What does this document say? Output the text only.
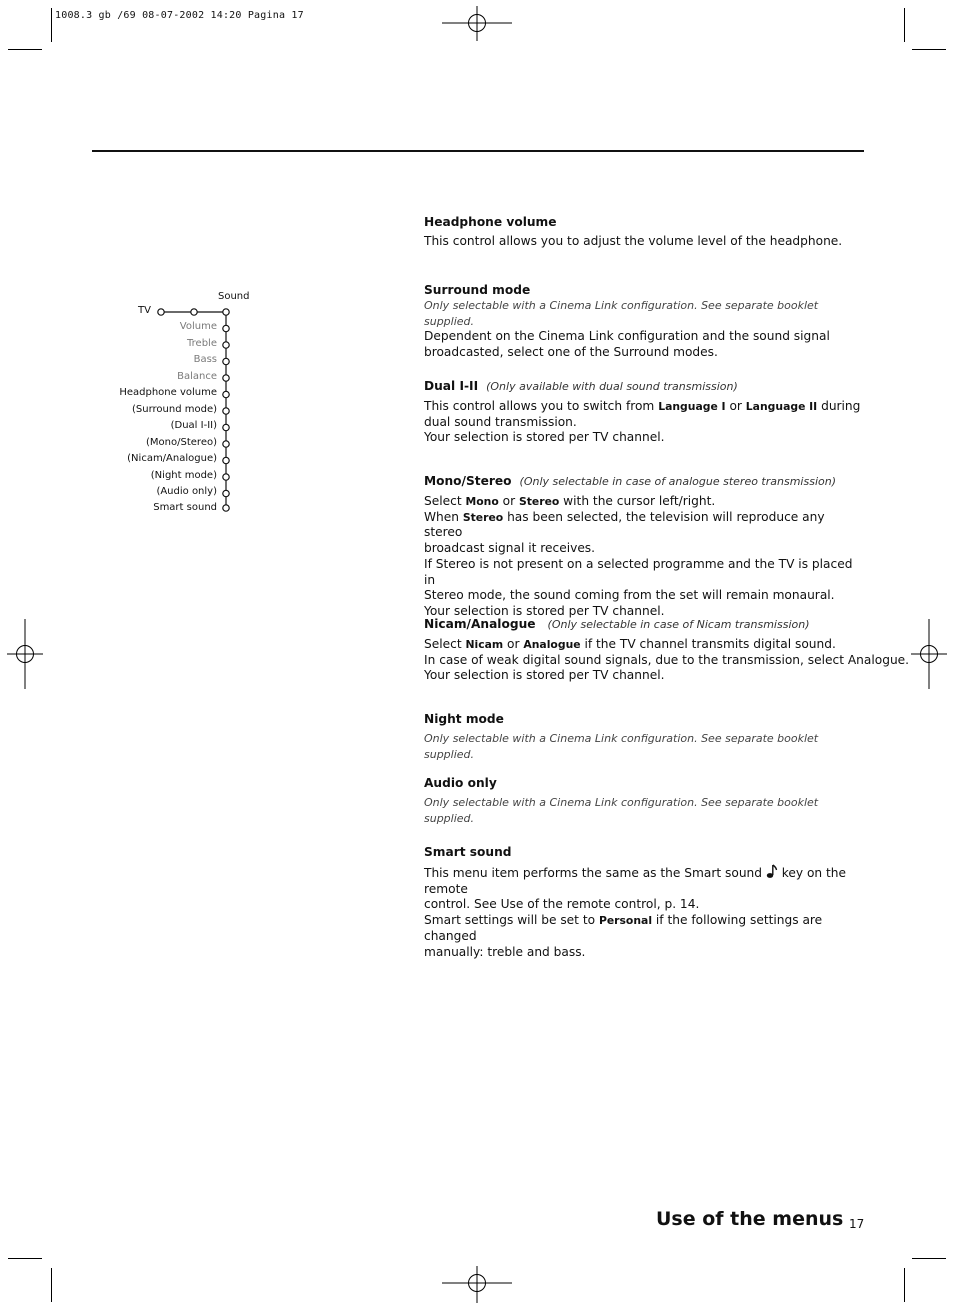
1008.3 gb /69 08-07-2002 14:20 Pagina 17
Sound
TV
Volume
Treble
Bass
Balance
Headphone volume
(Surround mode)
(Dual I-II)
(Mono/Stereo)
(Nicam/Analogue)
(Night mode)
(Audio only)
Smart sound
Headphone volume

This control allows you to adjust the volume level of the headphone.

Surround mode

Only selectable with a Cinema Link configuration. See separate booklet supplied.

Dependent on the Cinema Link configuration and the sound signal

broadcasted, select one of the Surround modes.

Dual I-II (Only available with dual sound transmission)

This control allows you to switch from Language I or Language II during

dual sound transmission.

Your selection is stored per TV channel.

Mono/Stereo (Only selectable in case of analogue stereo transmission)

Select Mono or Stereo with the cursor left/right.

When Stereo has been selected, the television will reproduce any stereo

broadcast signal it receives.

If Stereo is not present on a selected programme and the TV is placed in

Stereo mode, the sound coming from the set will remain monaural.

Your selection is stored per TV channel.

Nicam/Analogue (Only selectable in case of Nicam transmission)

Select Nicam or Analogue if the TV channel transmits digital sound.

In case of weak digital sound signals, due to the transmission, select Analogue.

Your selection is stored per TV channel.

Night mode

Only selectable with a Cinema Link configuration. See separate booklet supplied.

Audio only

Only selectable with a Cinema Link configuration. See separate booklet supplied.

Smart sound

This menu item performs the same as the Smart sound  key on the remote

control. See Use of the remote control, p. 14.

Smart settings will be set to Personal if the following settings are changed

manually: treble and bass.

Use of the menus 17
